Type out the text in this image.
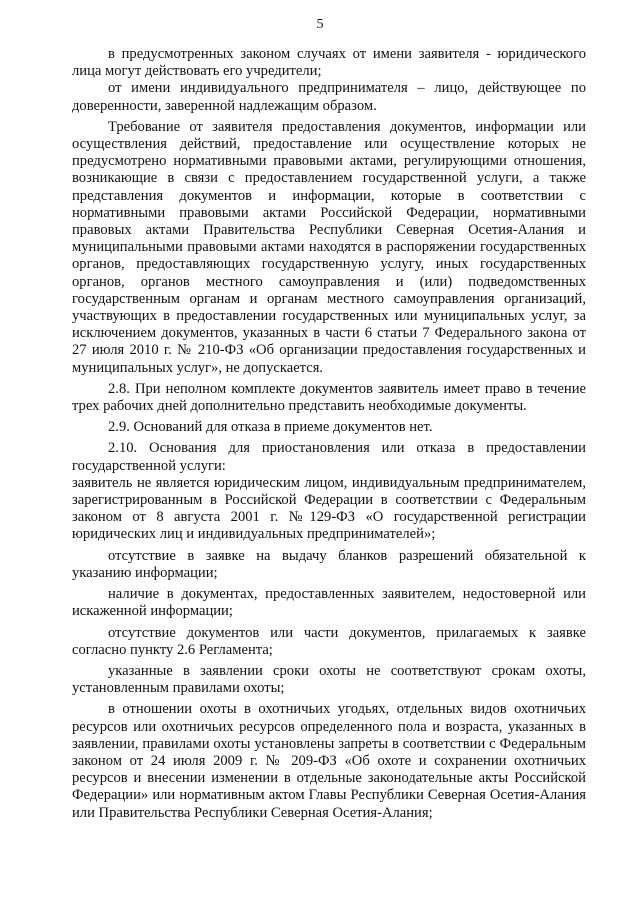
5

в предусмотренных законом случаях от имени заявителя - юридического лица могут действовать его учредители;

от имени индивидуального предпринимателя – лицо, действующее по доверенности, заверенной надлежащим образом.

Требование от заявителя предоставления документов, информации или осуществления действий, предоставление или осуществление которых не предусмотрено нормативными правовыми актами, регулирующими отношения, возникающие в связи с предоставлением государственной услуги, а также представления документов и информации, которые в соответствии с нормативными правовыми актами Российской Федерации, нормативными правовых актами Правительства Республики Северная Осетия-Алания и муниципальными правовыми актами находятся в распоряжении государственных органов, предоставляющих государственную услугу, иных государственных органов, органов местного самоуправления и (или) подведомственных государственным органам и органам местного самоуправления организаций, участвующих в предоставлении государственных или муниципальных услуг, за исключением документов, указанных в части 6 статьи 7 Федерального закона от 27 июля 2010 г. № 210-ФЗ «Об организации предоставления государственных и муниципальных услуг», не допускается.

2.8. При неполном комплекте документов заявитель имеет право в течение трех рабочих дней дополнительно представить необходимые документы.

2.9. Оснований для отказа в приеме документов нет.

2.10. Основания для приостановления или отказа в предоставлении государственной услуги:

заявитель не является юридическим лицом, индивидуальным предпринимателем, зарегистрированным в Российской Федерации в соответствии с Федеральным законом от 8 августа 2001 г. №129-ФЗ «О государственной регистрации юридических лиц и индивидуальных предпринимателей»;

отсутствие в заявке на выдачу бланков разрешений обязательной к указанию информации;

наличие в документах, предоставленных заявителем, недостоверной или искаженной информации;

отсутствие документов или части документов, прилагаемых к заявке согласно пункту 2.6 Регламента;

указанные в заявлении сроки охоты не соответствуют срокам охоты, установленным правилами охоты;

в отношении охоты в охотничьих угодьях, отдельных видов охотничьих ресурсов или охотничьих ресурсов определенного пола и возраста, указанных в заявлении, правилами охоты установлены запреты в соответствии с Федеральным законом от 24 июля 2009 г. № 209-ФЗ «Об охоте и сохранении охотничьих ресурсов и внесении изменении в отдельные законодательные акты Российской Федерации» или нормативным актом Главы Республики Северная Осетия-Алания или Правительства Республики Северная Осетия-Алания;
